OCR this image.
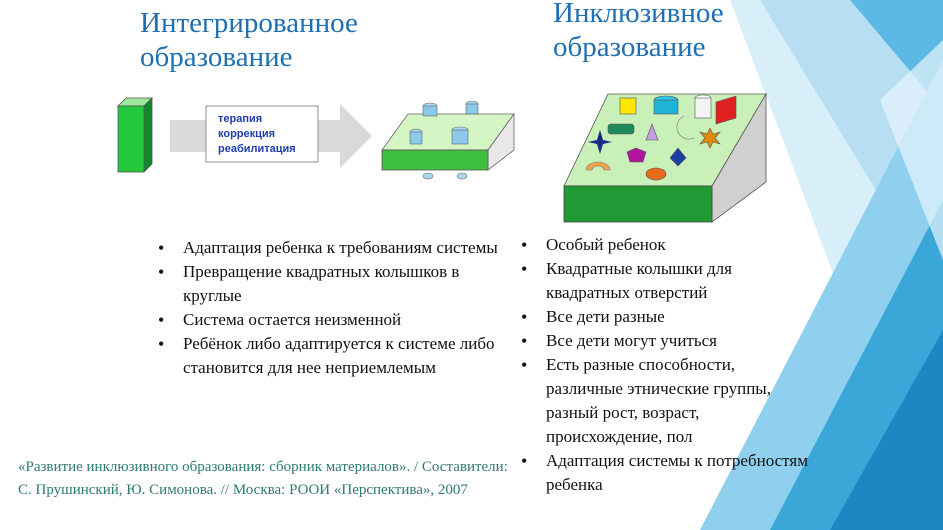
Интегрированное образование
Инклюзивное образование
терапия
коррекция
реабилитация
• Адаптация ребенка к требованиям системы
• Превращение квадратных колышков в круглые
• Система остается неизменной
• Ребёнок либо адаптируется к системе либо становится для нее неприемлемым
• Особый ребенок
• Квадратные колышки для квадратных отверстий
• Все дети разные
• Все дети могут учиться
• Есть разные способности, различные этнические группы, разный рост, возраст, происхождение, пол
• Адаптация системы к потребностям ребенка

«Развитие инклюзивного образования: сборник материалов». / Составители: С. Прушинский, Ю. Симонова. // Москва: РООИ «Перспектива», 2007
